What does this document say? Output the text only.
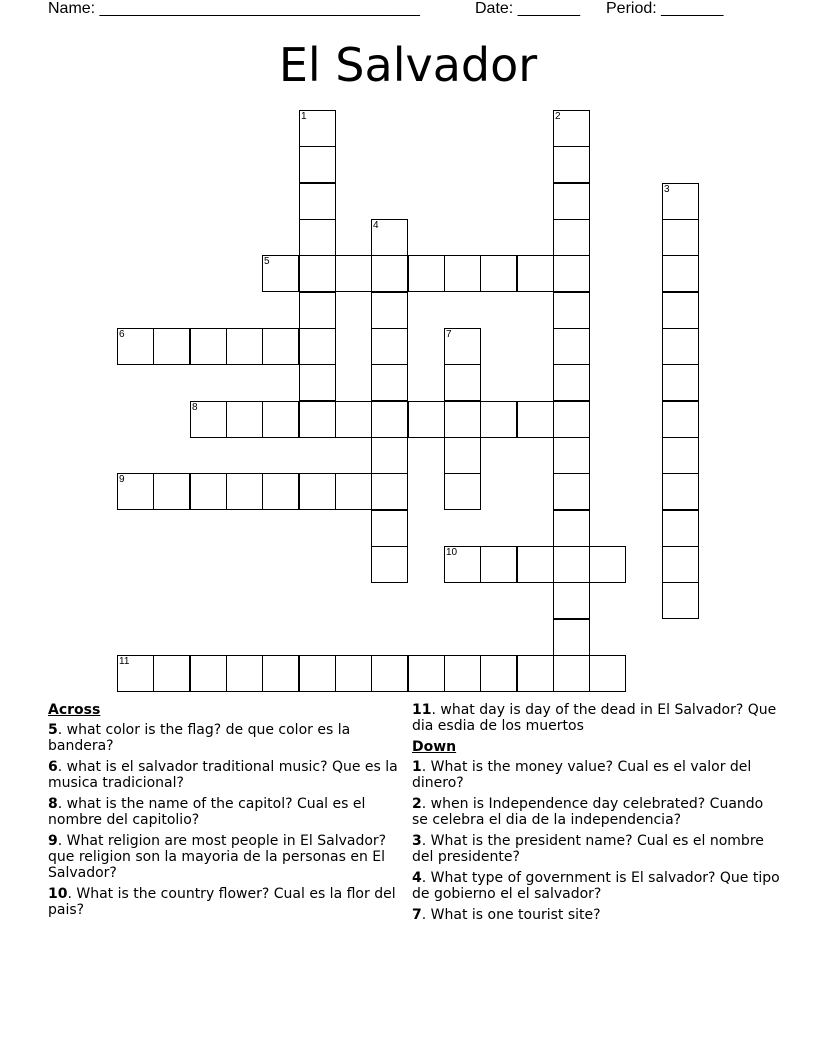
Name: ____________________________________	Date: _______ Period: _______
El Salvador
5
6
8
9
10
11
1	2
3
4
7
Across
5. what color is the flag? de que color es la bandera?
6. what is el salvador traditional music? Que es la musica tradicional?
8. what is the name of the capitol? Cual es el nombre del capitolio?
9. What religion are most people in El Salvador? que religion son la mayoria de la personas en El Salvador?
10. What is the country flower? Cual es la flor del pais?
11. what day is day of the dead in El Salvador? Que dia esdia de los muertos
Down
1. What is the money value? Cual es el valor del dinero?
2. when is Independence day celebrated? Cuando se celebra el dia de la independencia?
3. What is the president name? Cual es el nombre del presidente?
4. What type of government is El salvador? Que tipo de gobierno el el salvador?
7. What is one tourist site?
